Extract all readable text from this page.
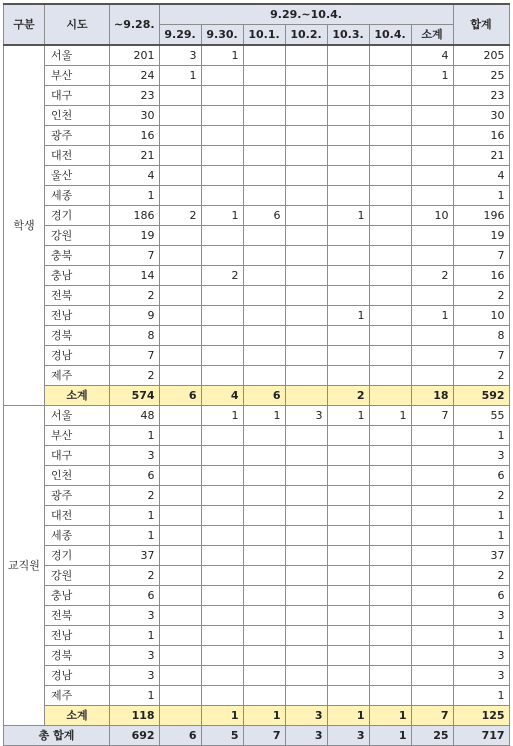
구분	시도	~9.28.	9.29.~10.4.							합계
			9.29.	9.30.	10.1.	10.2.	10.3.	10.4.	소계	
학생	서울	201	3	1					4	205
	부산	24	1						1	25
	대구	23								23
	인천	30								30
	광주	16								16
	대전	21								21
	울산	4								4
	세종	1								1
	경기	186	2	1	6		1		10	196
	강원	19								19
	충북	7								7
	충남	14		2					2	16
	전북	2								2
	전남	9					1		1	10
	경북	8								8
	경남	7								7
	제주	2								2
	소계	574	6	4	6		2		18	592
교직원	서울	48		1	1	3	1	1	7	55
	부산	1								1
	대구	3								3
	인천	6								6
	광주	2								2
	대전	1								1
	세종	1								1
	경기	37								37
	강원	2								2
	충남	6								6
	전북	3								3
	전남	1								1
	경북	3								3
	경남	3								3
	제주	1								1
	소계	118		1	1	3	1	1	7	125
총 합계		692	6	5	7	3	3	1	25	717
